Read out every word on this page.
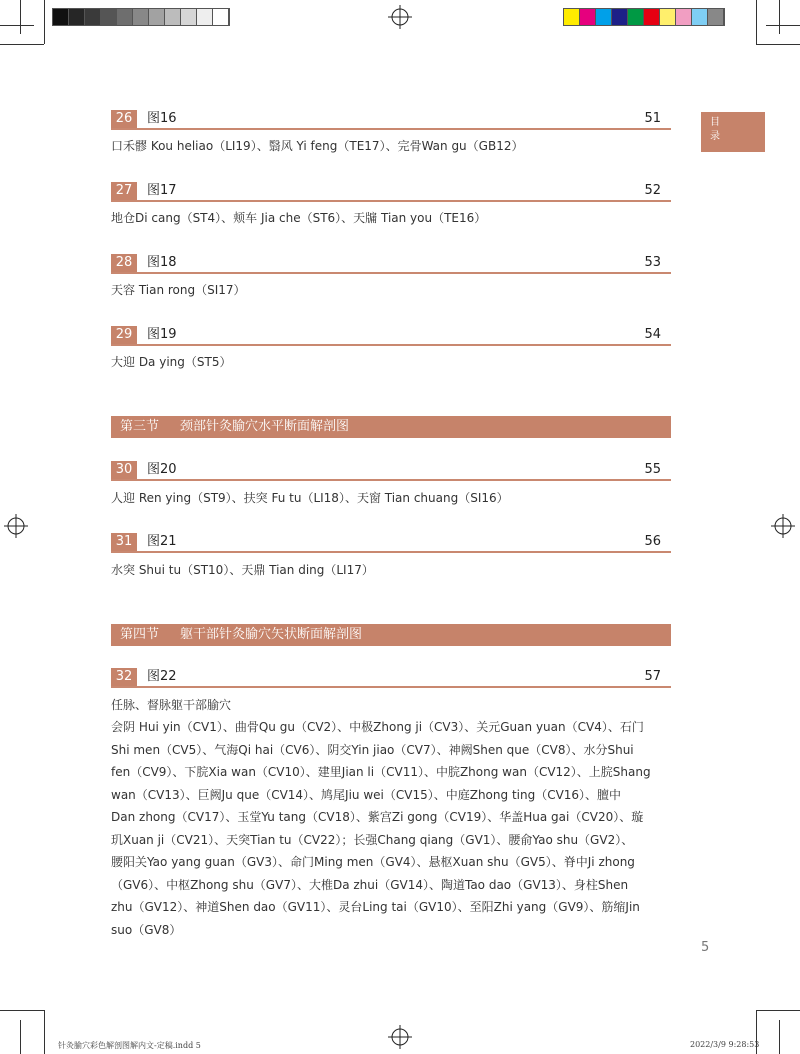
目
录
26	图16	51
口禾髎 Kou heliao（LI19）、翳风 Yi feng（TE17）、完骨Wan gu（GB12）
27	图17	52
地仓Di cang（ST4）、颊车 Jia che（ST6）、天牖 Tian you（TE16）
28	图18	53
天容 Tian rong（SI17）
29	图19	54
大迎 Da ying（ST5）
第三节 颈部针灸腧穴水平断面解剖图
30	图20	55
人迎 Ren ying（ST9）、扶突 Fu tu（LI18）、天窗 Tian chuang（SI16）
31	图21	56
水突 Shui tu（ST10）、天鼎 Tian ding（LI17）
第四节 躯干部针灸腧穴矢状断面解剖图
32	图22	57
任脉、督脉躯干部腧穴
会阴 Hui yin（CV1）、曲骨Qu gu（CV2）、中极Zhong ji（CV3）、关元Guan yuan（CV4）、石门
Shi men（CV5）、气海Qi hai（CV6）、阴交Yin jiao（CV7）、神阙Shen que（CV8）、水分Shui
fen（CV9）、下脘Xia wan（CV10）、建里Jian li（CV11）、中脘Zhong wan（CV12）、上脘Shang
wan（CV13）、巨阙Ju que（CV14）、鸠尾Jiu wei（CV15）、中庭Zhong ting（CV16）、膻中
Dan zhong（CV17）、玉堂Yu tang（CV18）、紫宫Zi gong（CV19）、华盖Hua gai（CV20）、璇
玑Xuan ji（CV21）、天突Tian tu（CV22）；长强Chang qiang（GV1）、腰俞Yao shu（GV2）、
腰阳关Yao yang guan（GV3）、命门Ming men（GV4）、悬枢Xuan shu（GV5）、脊中Ji zhong
（GV6）、中枢Zhong shu（GV7）、大椎Da zhui（GV14）、陶道Tao dao（GV13）、身柱Shen
zhu（GV12）、神道Shen dao（GV11）、灵台Ling tai（GV10）、至阳Zhi yang（GV9）、筋缩Jin
suo（GV8）
5
针灸腧穴彩色解剖图解内文-定稿.indd 5	2022/3/9 9:28:53
